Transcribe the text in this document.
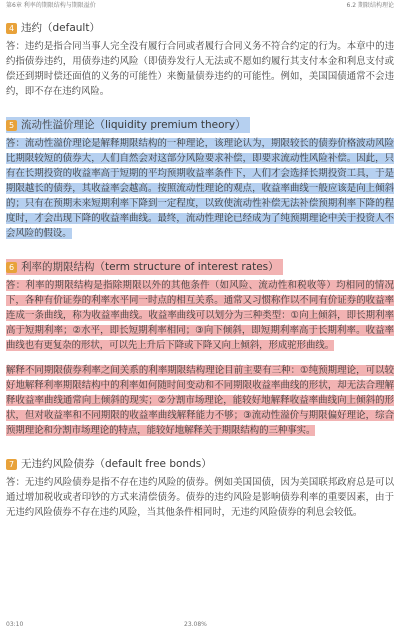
第6章 利率的期限结构与期限溢价	6.2 期限结构理论
4 违约（default）

答：违约是指合同当事人完全没有履行合同或者履行合同义务不符合约定的行为。本章中的违约指债券违约，用债券违约风险（即债券发行人无法或不愿如约履行其支付本金和利息支付或偿还到期时偿还面值的义务的可能性）来衡量债券违约的可能性。例如，美国国债通常不会违约，即不存在违约风险。

5 流动性溢价理论（liquidity premium theory）

答：流动性溢价理论是解释期限结构的一种理论，该理论认为，期限较长的债券价格波动风险比期限较短的债券大，人们自然会对这部分风险要求补偿，即要求流动性风险补偿。因此，只有在长期投资的收益率高于短期的平均预期收益率条件下，人们才会选择长期投资工具，于是期限越长的债券，其收益率会越高。按照流动性理论的观点，收益率曲线一般应该是向上倾斜的；只有在预期未来短期利率下降到一定程度，以致使流动性补偿无法补偿预期利率下降的程度时，才会出现下降的收益率曲线。最终，流动性理论已经成为了纯预期理论中关于投资人不会风险的假设。

6 利率的期限结构（term structure of interest rates）

答：利率的期限结构是指除期限以外的其他条件（如风险、流动性和税收等）均相同的情况下，各种有价证券的利率水平同一时点的相互关系。通常又习惯称作以不同有价证券的收益率连成一条曲线，称为收益率曲线。收益率曲线可以划分为三种类型：①向上倾斜，即长期利率高于短期利率；②水平，即长短期利率相同；③向下倾斜，即短期利率高于长期利率。收益率曲线也有更复杂的形状，可以先上升后下降或下降又向上倾斜，形成驼形曲线。

解释不同期限债券利率之间关系的利率期限结构理论目前主要有三种：①纯预期理论，可以较好地解释利率期限结构中的利率如何随时间变动和不同期限收益率曲线的形状，却无法合理解释收益率曲线通常向上倾斜的现实；②分割市场理论，能较好地解释收益率曲线向上倾斜的形状，但对收益率和不同期限的收益率曲线解释能力不够；③流动性溢价与期限偏好理论，综合预期理论和分割市场理论的特点，能较好地解释关于期限结构的三种事实。

7 无违约风险债券（default free bonds）

答：无违约风险债券是指不存在违约风险的债券。例如美国国债，因为美国联邦政府总是可以通过增加税收或者印钞的方式来清偿债务。债券的违约风险是影响债券利率的重要因素，由于无违约风险债券不存在违约风险，当其他条件相同时，无违约风险债券的利息会较低。

03:10	23.08%
